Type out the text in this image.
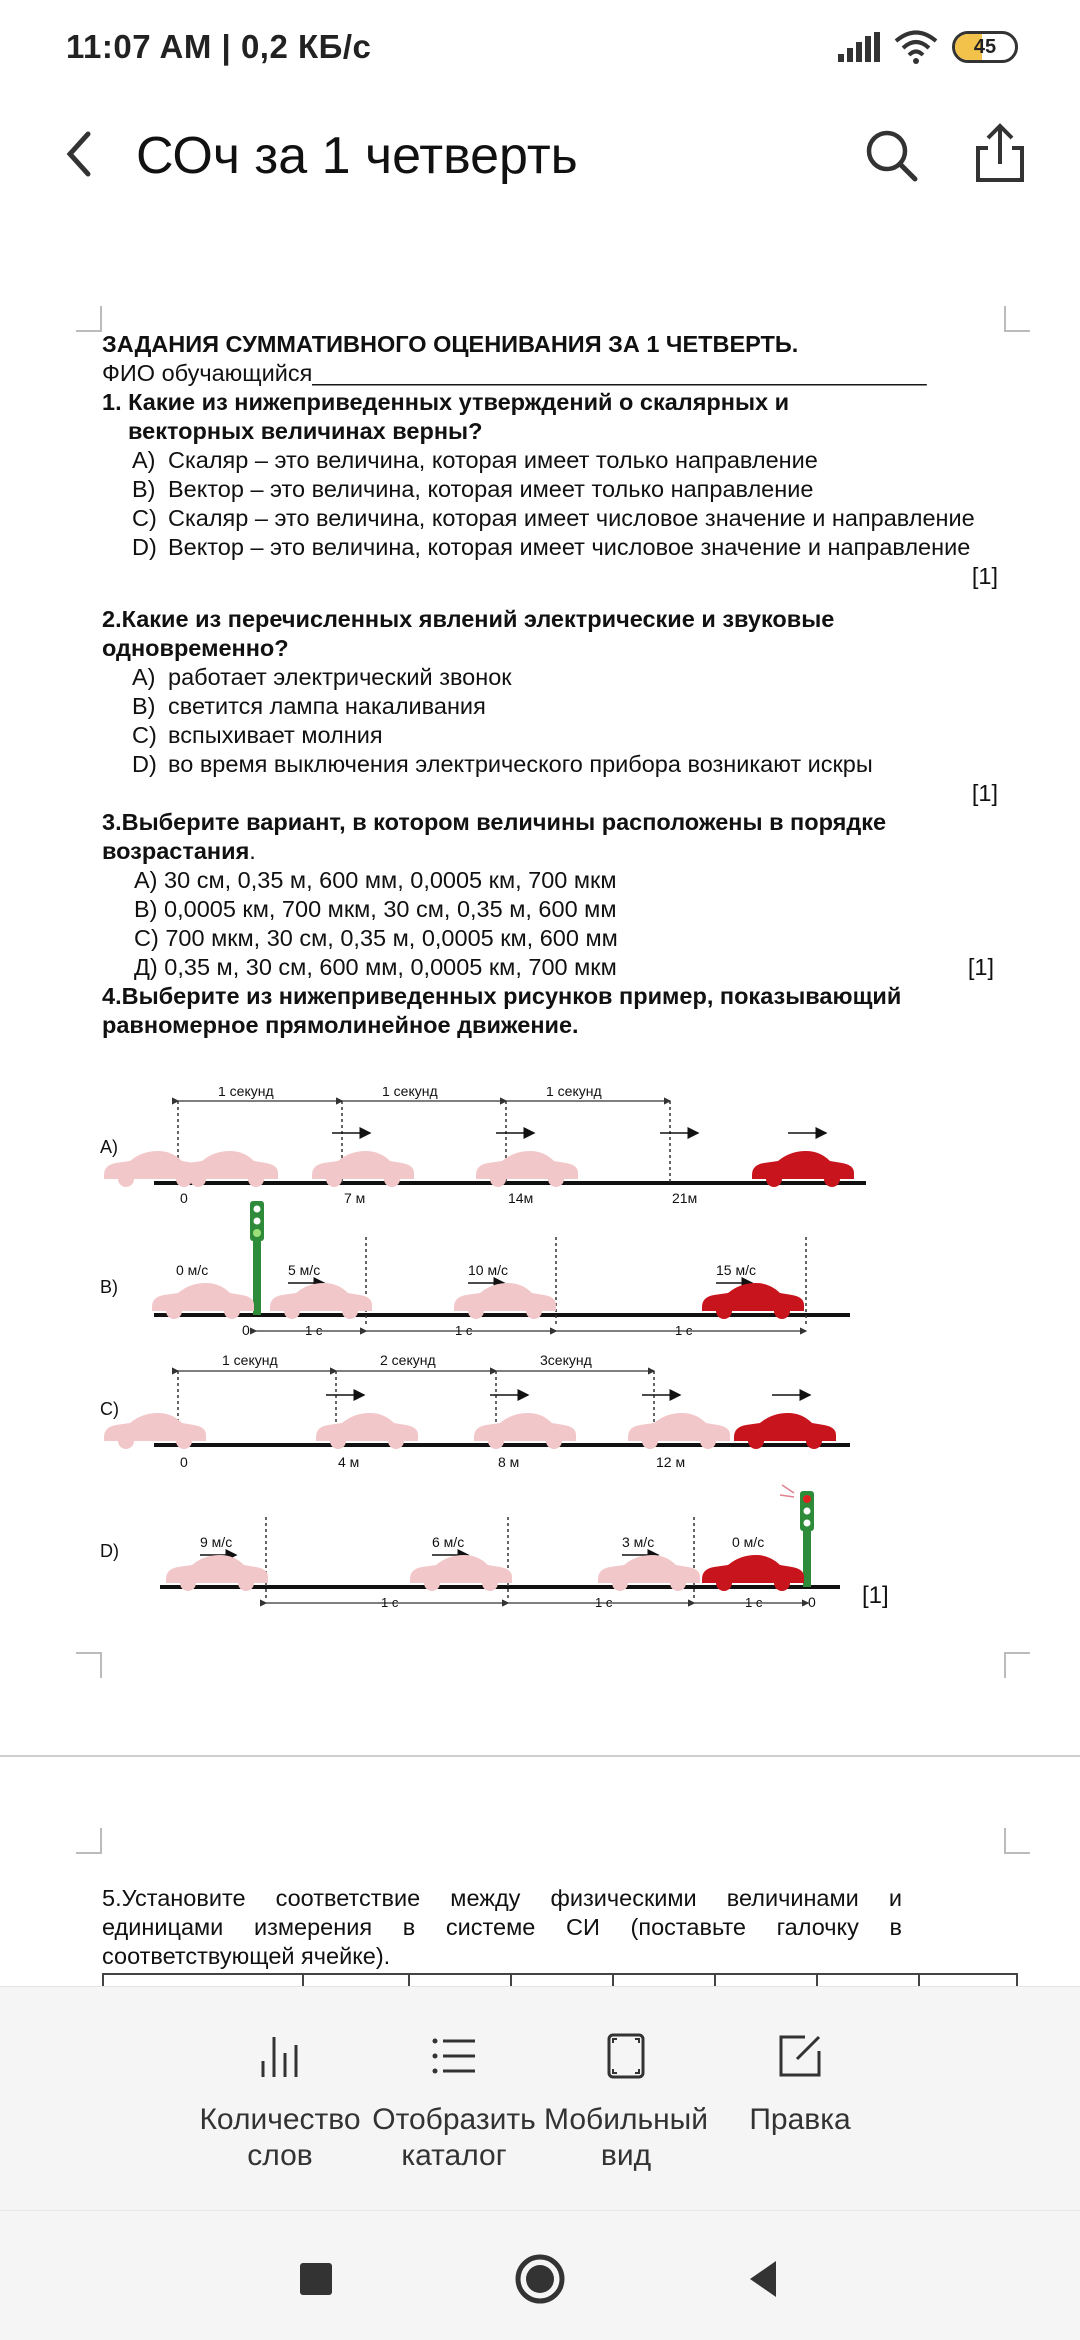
11:07 AM | 0,2 КБ/с	45
СОч за 1 четверть
ЗАДАНИЯ СУММАТИВНОГО ОЦЕНИВАНИЯ ЗА 1 ЧЕТВЕРТЬ.
ФИО обучающийся_______________________________________________
1. Какие из нижеприведенных утверждений о скалярных и
векторных величинах верны?
A) Скаляр – это величина, которая имеет только направление
B) Вектор – это величина, которая имеет только направление
C) Скаляр – это величина, которая имеет числовое значение и направление
D) Вектор – это величина, которая имеет числовое значение и направление
[1]
2.Какие из перечисленных явлений электрические и звуковые одновременно?
A) работает электрический звонок
B) светится лампа накаливания
C) вспыхивает молния
D) во время выключения электрического прибора возникают искры
[1]
3.Выберите вариант, в котором величины расположены в порядке возрастания.
А) 30 см, 0,35 м, 600 мм, 0,0005 км, 700 мкм
В) 0,0005 км, 700 мкм, 30 см, 0,35 м, 600 мм
С) 700 мкм, 30 см, 0,35 м, 0,0005 км, 600 мм
Д) 0,35 м, 30 см, 600 мм, 0,0005 км, 700 мкм	[1]
4.Выберите из нижеприведенных рисунков пример, показывающий
равномерное прямолинейное движение.
A)
1 секунд	1 секунд	1 секунд
0	7 м	14м	21м
B)
1 с	1 с	1 с
0
0 м/с	5 м/с	10 м/с	15 м/с
C)
1 секунд	2 секунд	3секунд
0	4 м	8 м	12 м
D)
1 с	1 с	1 с	0
9 м/с	6 м/с	3 м/с	0 м/с
[1]
5.Установите соответствие между физическими величинами и единицами измерения в системе СИ (поставьте галочку в соответствующей ячейке).
Количество
слов
Отобразить
каталог
Мобильный
вид
Правка
